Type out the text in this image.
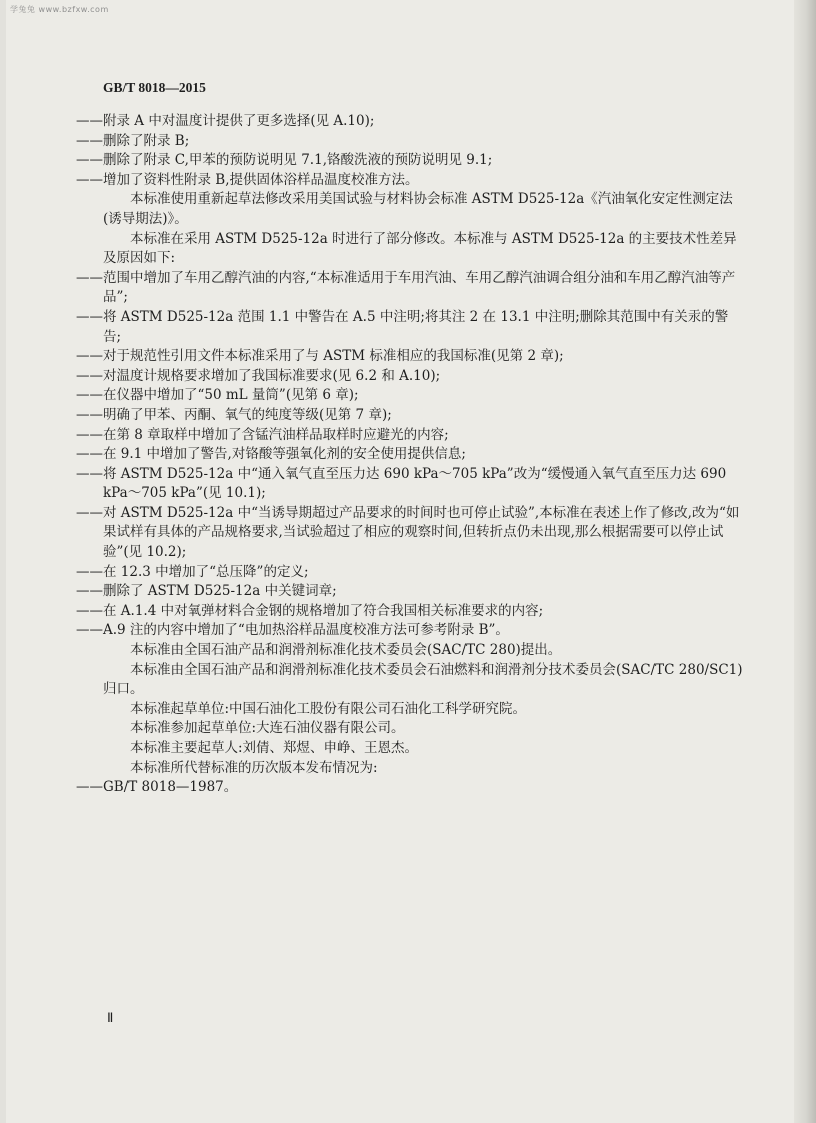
学兔兔 www.bzfxw.com
GB/T 8018—2015

——附录 A 中对温度计提供了更多选择(见 A.10);

——删除了附录 B;

——删除了附录 C,甲苯的预防说明见 7.1,铬酸洗液的预防说明见 9.1;

——增加了资料性附录 B,提供固体浴样品温度校准方法。

本标准使用重新起草法修改采用美国试验与材料协会标准 ASTM D525-12a《汽油氧化安定性测定法(诱导期法)》。

本标准在采用 ASTM D525-12a 时进行了部分修改。本标准与 ASTM D525-12a 的主要技术性差异及原因如下:

——范围中增加了车用乙醇汽油的内容,“本标准适用于车用汽油、车用乙醇汽油调合组分油和车用乙醇汽油等产品”;

——将 ASTM D525-12a 范围 1.1 中警告在 A.5 中注明;将其注 2 在 13.1 中注明;删除其范围中有关汞的警告;

——对于规范性引用文件本标准采用了与 ASTM 标准相应的我国标准(见第 2 章);

——对温度计规格要求增加了我国标准要求(见 6.2 和 A.10);

——在仪器中增加了“50 mL 量筒”(见第 6 章);

——明确了甲苯、丙酮、氧气的纯度等级(见第 7 章);

——在第 8 章取样中增加了含锰汽油样品取样时应避光的内容;

——在 9.1 中增加了警告,对铬酸等强氧化剂的安全使用提供信息;

——将 ASTM D525-12a 中“通入氧气直至压力达 690 kPa～705 kPa”改为“缓慢通入氧气直至压力达 690 kPa～705 kPa”(见 10.1);

——对 ASTM D525-12a 中“当诱导期超过产品要求的时间时也可停止试验”,本标准在表述上作了修改,改为“如果试样有具体的产品规格要求,当试验超过了相应的观察时间,但转折点仍未出现,那么根据需要可以停止试验”(见 10.2);

——在 12.3 中增加了“总压降”的定义;

——删除了 ASTM D525-12a 中关键词章;

——在 A.1.4 中对氧弹材料合金钢的规格增加了符合我国相关标准要求的内容;

——A.9 注的内容中增加了“电加热浴样品温度校准方法可参考附录 B”。

本标准由全国石油产品和润滑剂标准化技术委员会(SAC/TC 280)提出。

本标准由全国石油产品和润滑剂标准化技术委员会石油燃料和润滑剂分技术委员会(SAC/TC 280/SC1)归口。

本标准起草单位:中国石油化工股份有限公司石油化工科学研究院。

本标准参加起草单位:大连石油仪器有限公司。

本标准主要起草人:刘倩、郑煜、申峥、王恩杰。

本标准所代替标准的历次版本发布情况为:

——GB/T 8018—1987。

Ⅱ
